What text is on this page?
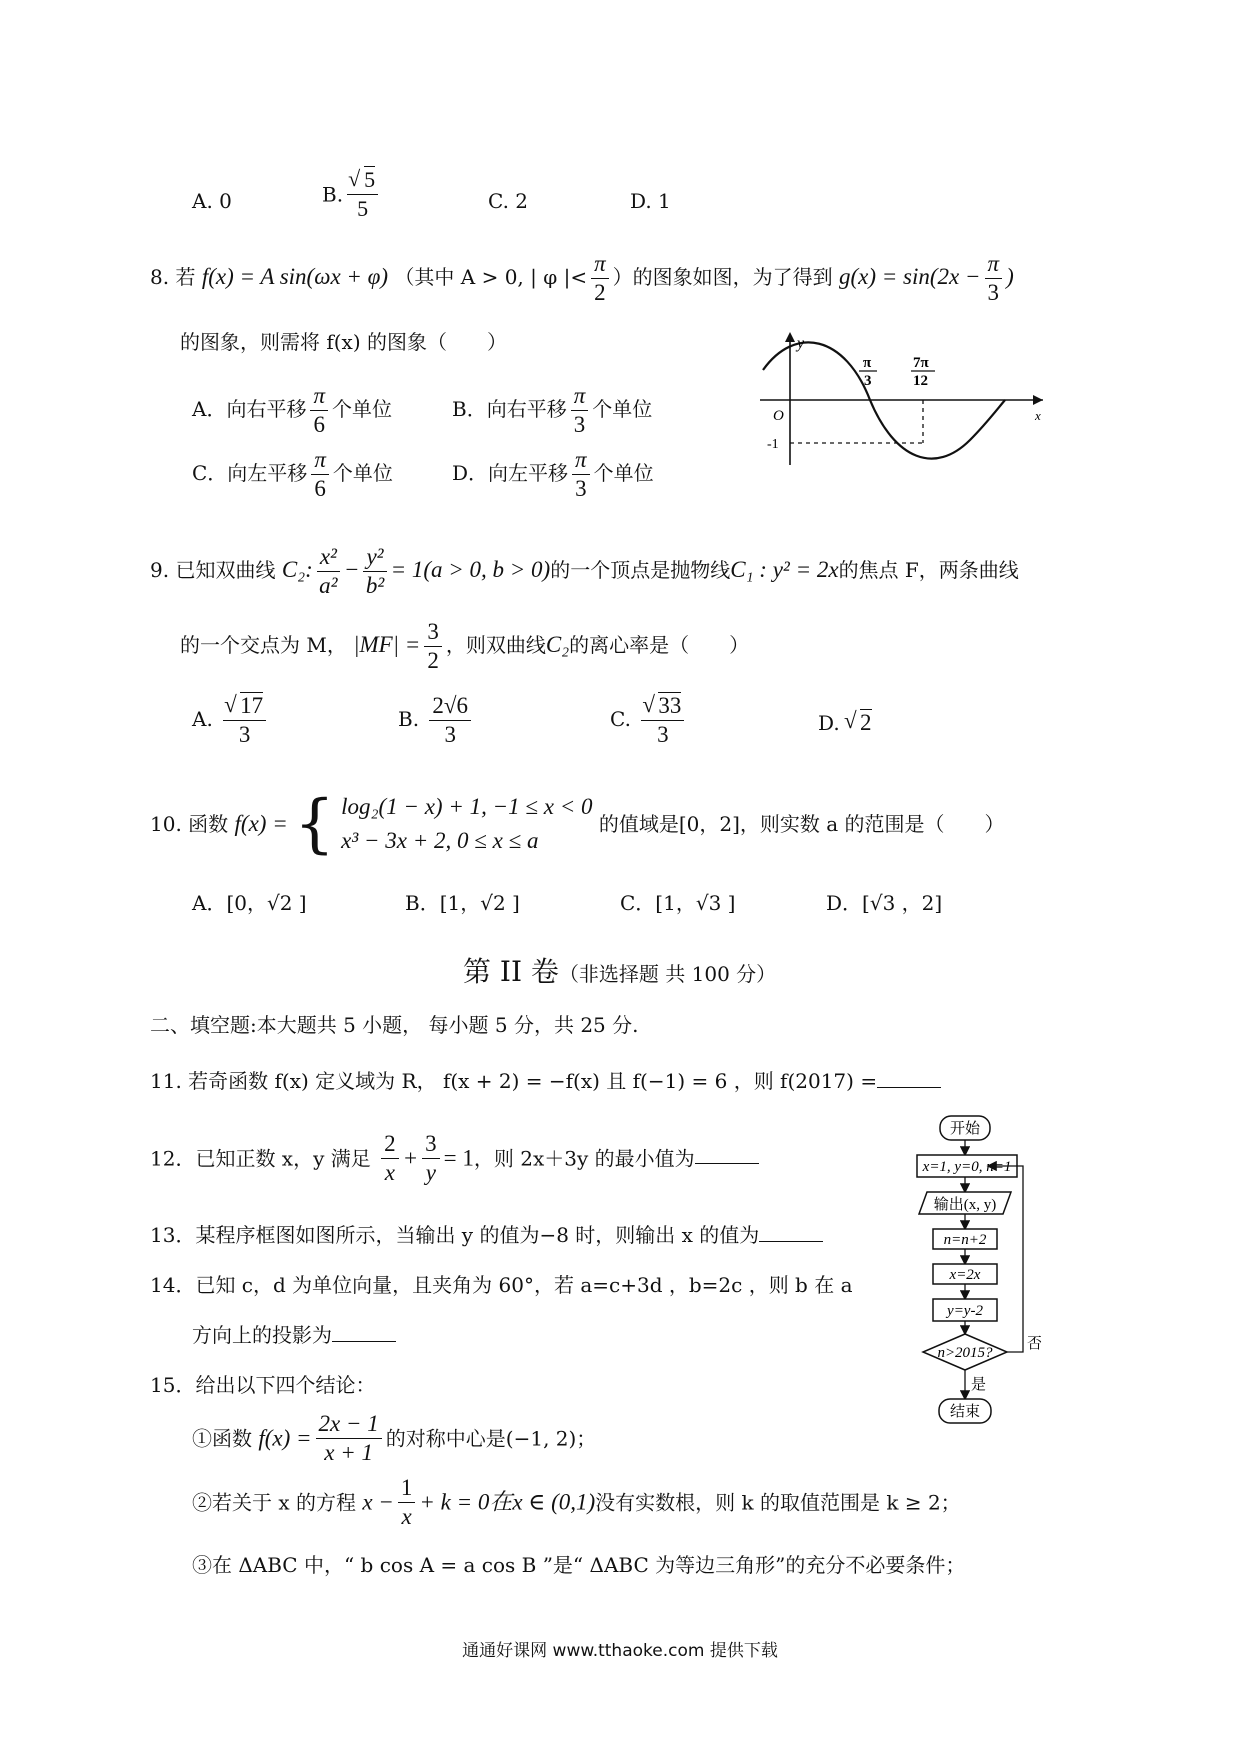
A. 0	B. √ $\frac{5}{5}$	C. 2	D. 1
8. 若 f(x) = A sin(ωx + φ) （其中 A > 0, | φ |< $\frac{\pi}{2}$ ）的图象如图，为了得到 $g(x) = \sin(2x - \frac{\pi}{3}$ )
的图象，则需将 f(x) 的图象（　　）
A．向右平移 $\frac{\pi}{6}$ 个单位	B．向右平移 $\frac{\pi}{3}$ 个单位
C．向左平移 $\frac{\pi}{6}$ 个单位	D．向左平移 $\frac{\pi}{3}$ 个单位
y
x
O
-1
π
3
7π
12
9. 已知双曲线 C₂: $\frac{\text{x²}}{\text{a²}} - \frac{\text{y²}}{\text{b²}} = 1(a > 0$, b > 0)的一个顶点是抛物线C₁ : y² = 2x的焦点 F，两条曲线
的一个交点为 M， $|MF| = \frac{3}{2}$ ，则双曲线C₂的离心率是（　　）
A. √ $\frac{17}{3}$	B. $\frac{2√6}{3}$	C. √ $\frac{33}{3}$	D. √ 2
10. 函数 f(x) = { log₂(1 − x) + 1, −1 ≤ x < 0
x³ − 3x + 2, 0 ≤ x ≤ a
的值域是[0，2]，则实数 a 的范围是（　　）
A．[0，√2 ]	B．[1，√2 ]	C．[1，√3 ]	D．[√3 ，2]
第 II 卷（非选择题 共 100 分）
二、填空题:本大题共 5 小题， 每小题 5 分，共 25 分.
11. 若奇函数 f(x) 定义域为 R， f(x + 2) = −f(x) 且 f(−1) = 6 ，则 f(2017) =
12．已知正数 x，y 满足 $\frac{2}{x} + \frac{3}{y} = 1$，则 2x＋3y 的最小值为
13．某程序框图如图所示，当输出 y 的值为−8 时，则输出 x 的值为
14．已知 c，d 为单位向量，且夹角为 60°，若 a=c+3d ，b=2c ，则 b 在 a
方向上的投影为
15．给出以下四个结论：
①函数 $f(x) = \frac{2x - 1}{x + 1}$ 的对称中心是(−1, 2)；
②若关于 x 的方程 $x - \frac{1}{x} + k = 0$在x ∈ (0,1)没有实数根，则 k 的取值范围是 k ≥ 2；
③在 ΔABC 中，“ b cos A = a cos B ”是“ ΔABC 为等边三角形”的充分不必要条件；
开始
x=1, y=0, n=1
输出(x, y)
n=n+2
x=2x
y=y-2
n>2015?
否
是
结束
通通好课网 www.tthaoke.com 提供下载
